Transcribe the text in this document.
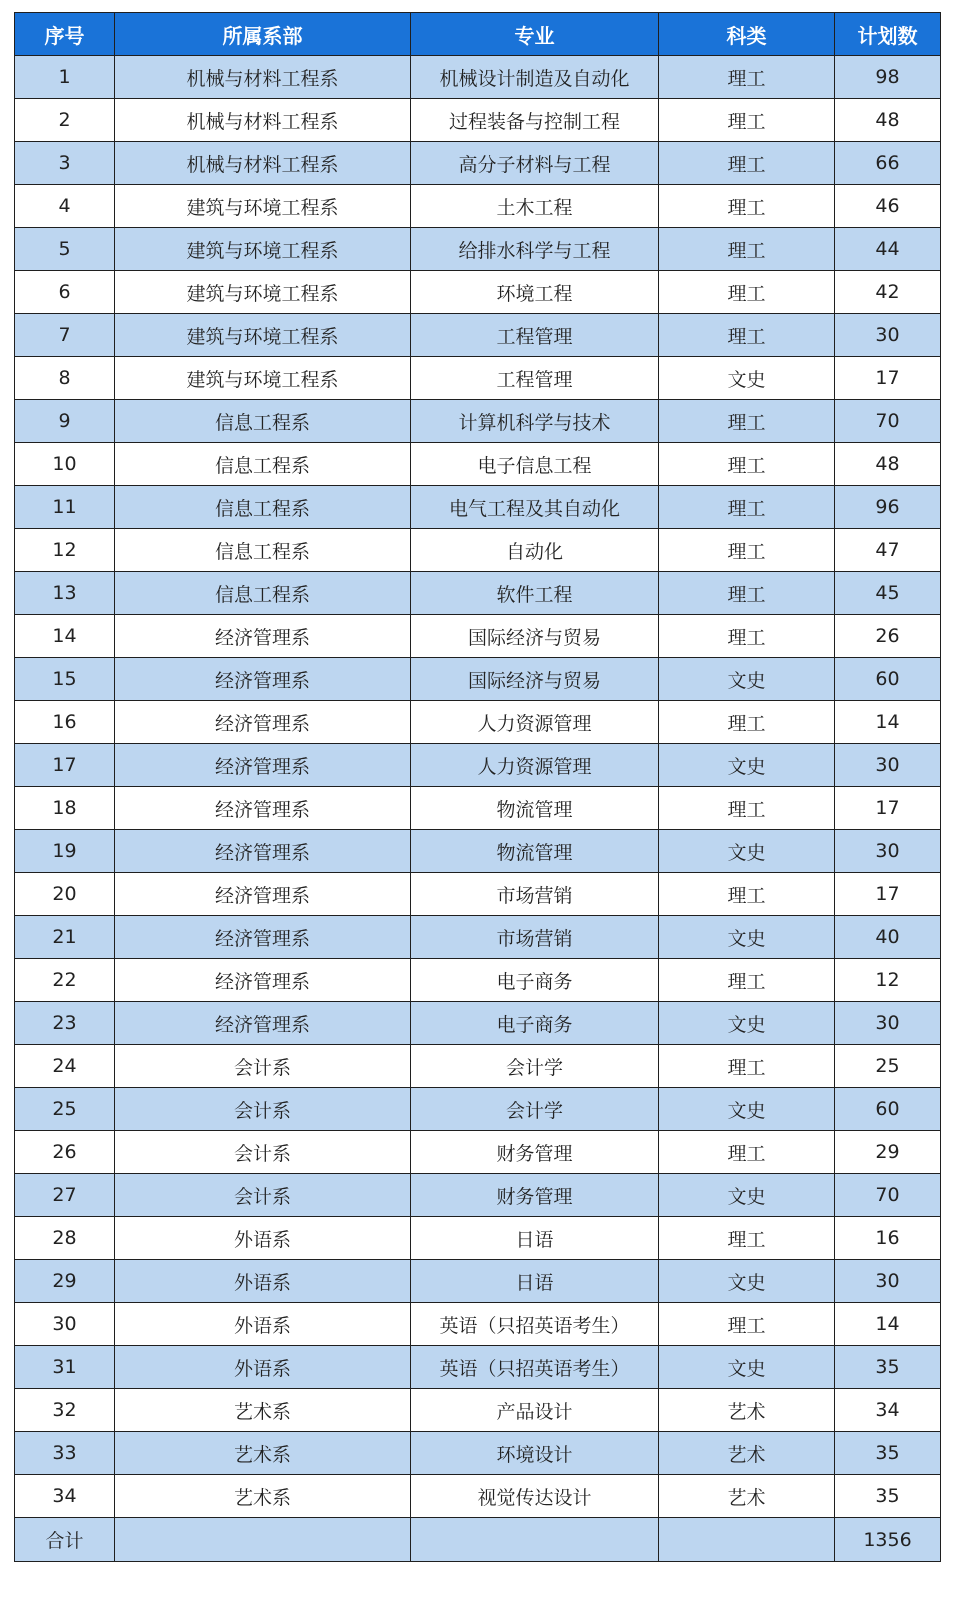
序号	所属系部	专业	科类	计划数
1	机械与材料工程系	机械设计制造及自动化	理工	98
2	机械与材料工程系	过程装备与控制工程	理工	48
3	机械与材料工程系	高分子材料与工程	理工	66
4	建筑与环境工程系	土木工程	理工	46
5	建筑与环境工程系	给排水科学与工程	理工	44
6	建筑与环境工程系	环境工程	理工	42
7	建筑与环境工程系	工程管理	理工	30
8	建筑与环境工程系	工程管理	文史	17
9	信息工程系	计算机科学与技术	理工	70
10	信息工程系	电子信息工程	理工	48
11	信息工程系	电气工程及其自动化	理工	96
12	信息工程系	自动化	理工	47
13	信息工程系	软件工程	理工	45
14	经济管理系	国际经济与贸易	理工	26
15	经济管理系	国际经济与贸易	文史	60
16	经济管理系	人力资源管理	理工	14
17	经济管理系	人力资源管理	文史	30
18	经济管理系	物流管理	理工	17
19	经济管理系	物流管理	文史	30
20	经济管理系	市场营销	理工	17
21	经济管理系	市场营销	文史	40
22	经济管理系	电子商务	理工	12
23	经济管理系	电子商务	文史	30
24	会计系	会计学	理工	25
25	会计系	会计学	文史	60
26	会计系	财务管理	理工	29
27	会计系	财务管理	文史	70
28	外语系	日语	理工	16
29	外语系	日语	文史	30
30	外语系	英语（只招英语考生）	理工	14
31	外语系	英语（只招英语考生）	文史	35
32	艺术系	产品设计	艺术	34
33	艺术系	环境设计	艺术	35
34	艺术系	视觉传达设计	艺术	35
合计				1356
